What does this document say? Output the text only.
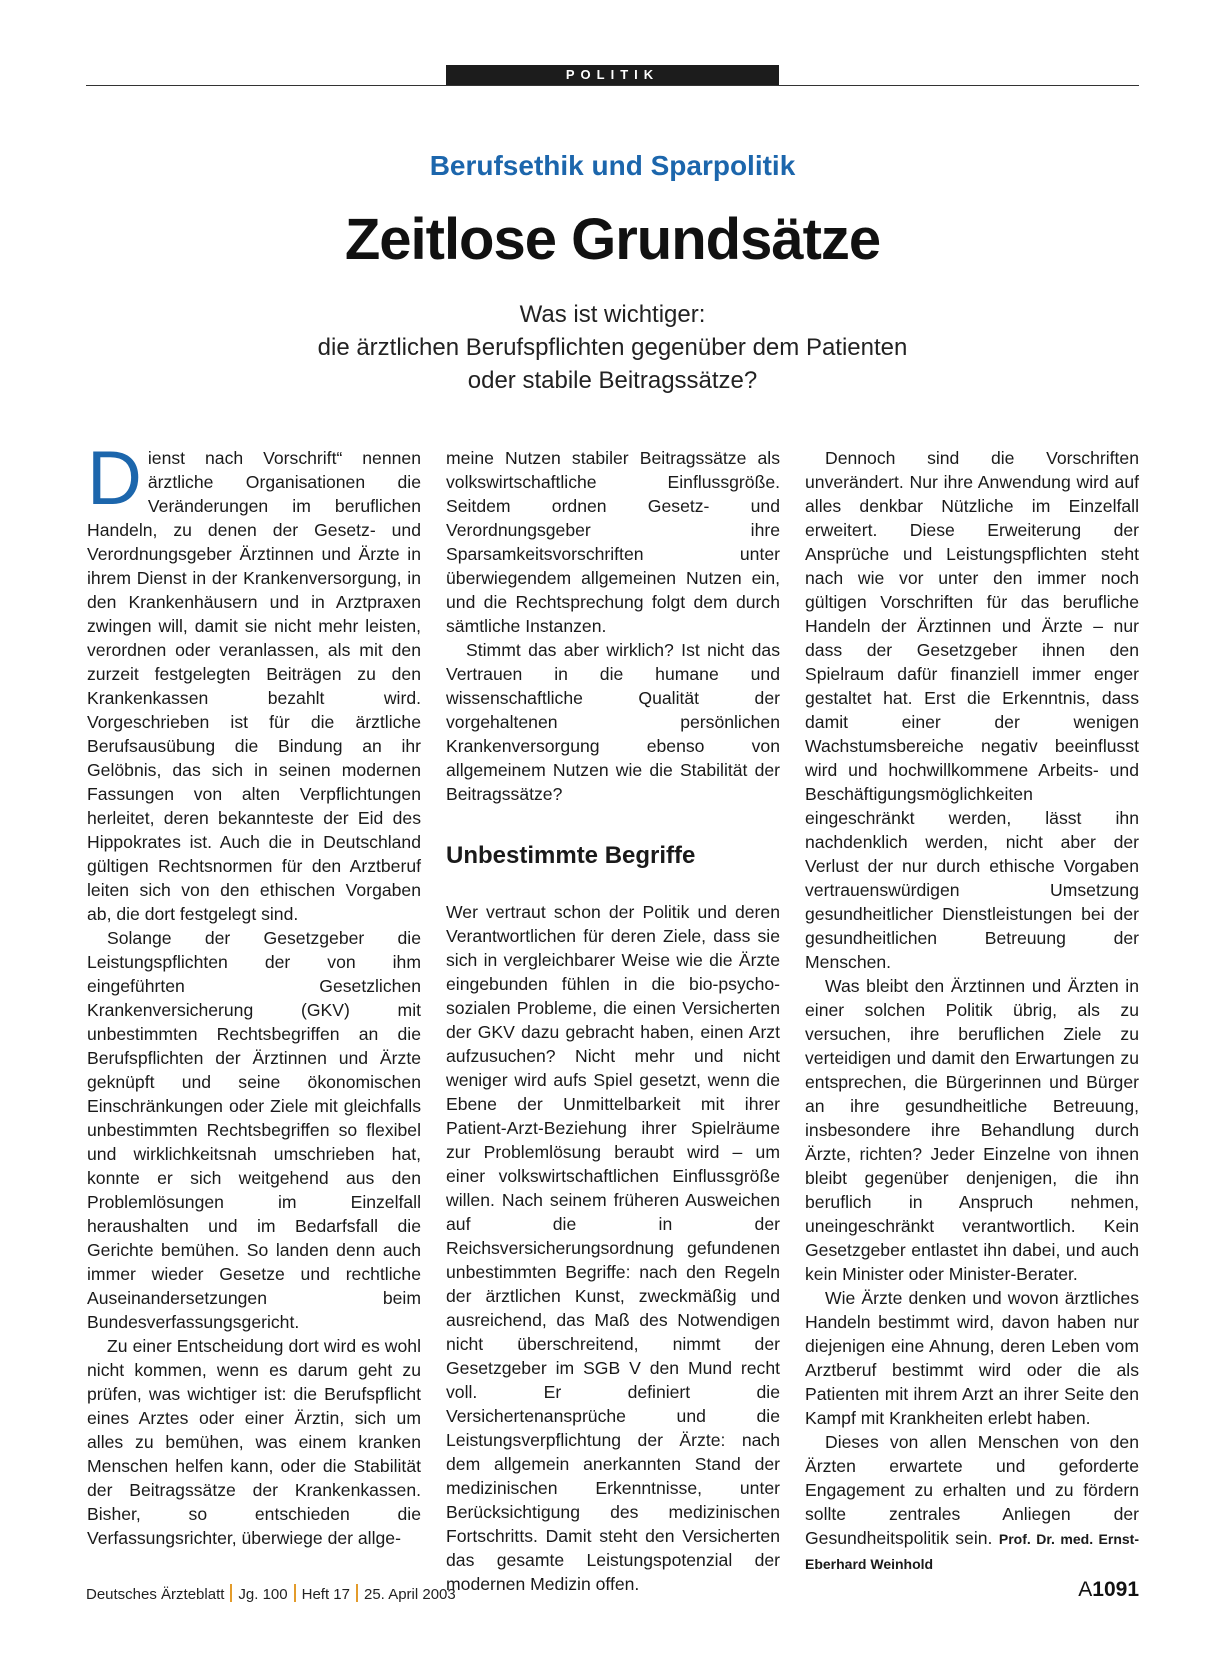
POLITIK
Berufsethik und Sparpolitik
Zeitlose Grundsätze
Was ist wichtiger:
die ärztlichen Berufspflichten gegenüber dem Patienten
oder stabile Beitragssätze?

Dienst nach Vorschrift“ nennen ärztliche Organisationen die Veränderungen im beruflichen Handeln, zu denen der Gesetz- und Verordnungsgeber Ärztinnen und Ärzte in ihrem Dienst in der Krankenversorgung, in den Krankenhäusern und in Arztpraxen zwingen will, damit sie nicht mehr leisten, verordnen oder veranlassen, als mit den zurzeit festgelegten Beiträgen zu den Krankenkassen bezahlt wird. Vorgeschrieben ist für die ärztliche Berufsausübung die Bindung an ihr Gelöbnis, das sich in seinen modernen Fassungen von alten Verpflichtungen herleitet, deren bekannteste der Eid des Hippokrates ist. Auch die in Deutschland gültigen Rechtsnormen für den Arztberuf leiten sich von den ethischen Vorgaben ab, die dort festgelegt sind.

Solange der Gesetzgeber die Leistungspflichten der von ihm eingeführten Gesetzlichen Krankenversicherung (GKV) mit unbestimmten Rechtsbegriffen an die Berufspflichten der Ärztinnen und Ärzte geknüpft und seine ökonomischen Einschränkungen oder Ziele mit gleichfalls unbestimmten Rechtsbegriffen so flexibel und wirklichkeitsnah umschrieben hat, konnte er sich weitgehend aus den Problemlösungen im Einzelfall heraushalten und im Bedarfsfall die Gerichte bemühen. So landen denn auch immer wieder Gesetze und rechtliche Auseinandersetzungen beim Bundesverfassungsgericht.

Zu einer Entscheidung dort wird es wohl nicht kommen, wenn es darum geht zu prüfen, was wichtiger ist: die Berufspflicht eines Arztes oder einer Ärztin, sich um alles zu bemühen, was einem kranken Menschen helfen kann, oder die Stabilität der Beitragssätze der Krankenkassen. Bisher, so entschieden die Verfassungsrichter, überwiege der allge-

meine Nutzen stabiler Beitragssätze als volkswirtschaftliche Einflussgröße. Seitdem ordnen Gesetz- und Verordnungsgeber ihre Sparsamkeitsvorschriften unter überwiegendem allgemeinen Nutzen ein, und die Rechtsprechung folgt dem durch sämtliche Instanzen.

Stimmt das aber wirklich? Ist nicht das Vertrauen in die humane und wissenschaftliche Qualität der vorgehaltenen persönlichen Krankenversorgung ebenso von allgemeinem Nutzen wie die Stabilität der Beitragssätze?

Unbestimmte Begriffe

Wer vertraut schon der Politik und deren Verantwortlichen für deren Ziele, dass sie sich in vergleichbarer Weise wie die Ärzte eingebunden fühlen in die bio-psycho-sozialen Probleme, die einen Versicherten der GKV dazu gebracht haben, einen Arzt aufzusuchen? Nicht mehr und nicht weniger wird aufs Spiel gesetzt, wenn die Ebene der Unmittelbarkeit mit ihrer Patient-Arzt-Beziehung ihrer Spielräume zur Problemlösung beraubt wird – um einer volkswirtschaftlichen Einflussgröße willen. Nach seinem früheren Ausweichen auf die in der Reichsversicherungsordnung gefundenen unbestimmten Begriffe: nach den Regeln der ärztlichen Kunst, zweckmäßig und ausreichend, das Maß des Notwendigen nicht überschreitend, nimmt der Gesetzgeber im SGB V den Mund recht voll. Er definiert die Versichertenansprüche und die Leistungsverpflichtung der Ärzte: nach dem allgemein anerkannten Stand der medizinischen Erkenntnisse, unter Berücksichtigung des medizinischen Fortschritts. Damit steht den Versicherten das gesamte Leistungspotenzial der modernen Medizin offen.

Dennoch sind die Vorschriften unverändert. Nur ihre Anwendung wird auf alles denkbar Nützliche im Einzelfall erweitert. Diese Erweiterung der Ansprüche und Leistungspflichten steht nach wie vor unter den immer noch gültigen Vorschriften für das berufliche Handeln der Ärztinnen und Ärzte – nur dass der Gesetzgeber ihnen den Spielraum dafür finanziell immer enger gestaltet hat. Erst die Erkenntnis, dass damit einer der wenigen Wachstumsbereiche negativ beeinflusst wird und hochwillkommene Arbeits- und Beschäftigungsmöglichkeiten eingeschränkt werden, lässt ihn nachdenklich werden, nicht aber der Verlust der nur durch ethische Vorgaben vertrauenswürdigen Umsetzung gesundheitlicher Dienstleistungen bei der gesundheitlichen Betreuung der Menschen.

Was bleibt den Ärztinnen und Ärzten in einer solchen Politik übrig, als zu versuchen, ihre beruflichen Ziele zu verteidigen und damit den Erwartungen zu entsprechen, die Bürgerinnen und Bürger an ihre gesundheitliche Betreuung, insbesondere ihre Behandlung durch Ärzte, richten? Jeder Einzelne von ihnen bleibt gegenüber denjenigen, die ihn beruflich in Anspruch nehmen, uneingeschränkt verantwortlich. Kein Gesetzgeber entlastet ihn dabei, und auch kein Minister oder Minister-Berater.

Wie Ärzte denken und wovon ärztliches Handeln bestimmt wird, davon haben nur diejenigen eine Ahnung, deren Leben vom Arztberuf bestimmt wird oder die als Patienten mit ihrem Arzt an ihrer Seite den Kampf mit Krankheiten erlebt haben.

Dieses von allen Menschen von den Ärzten erwartete und geforderte Engagement zu erhalten und zu fördern sollte zentrales Anliegen der Gesundheitspolitik sein. Prof. Dr. med. Ernst-Eberhard Weinhold

Deutsches Ärzteblatt Jg. 100 Heft 17 25. April 2003	A1091
